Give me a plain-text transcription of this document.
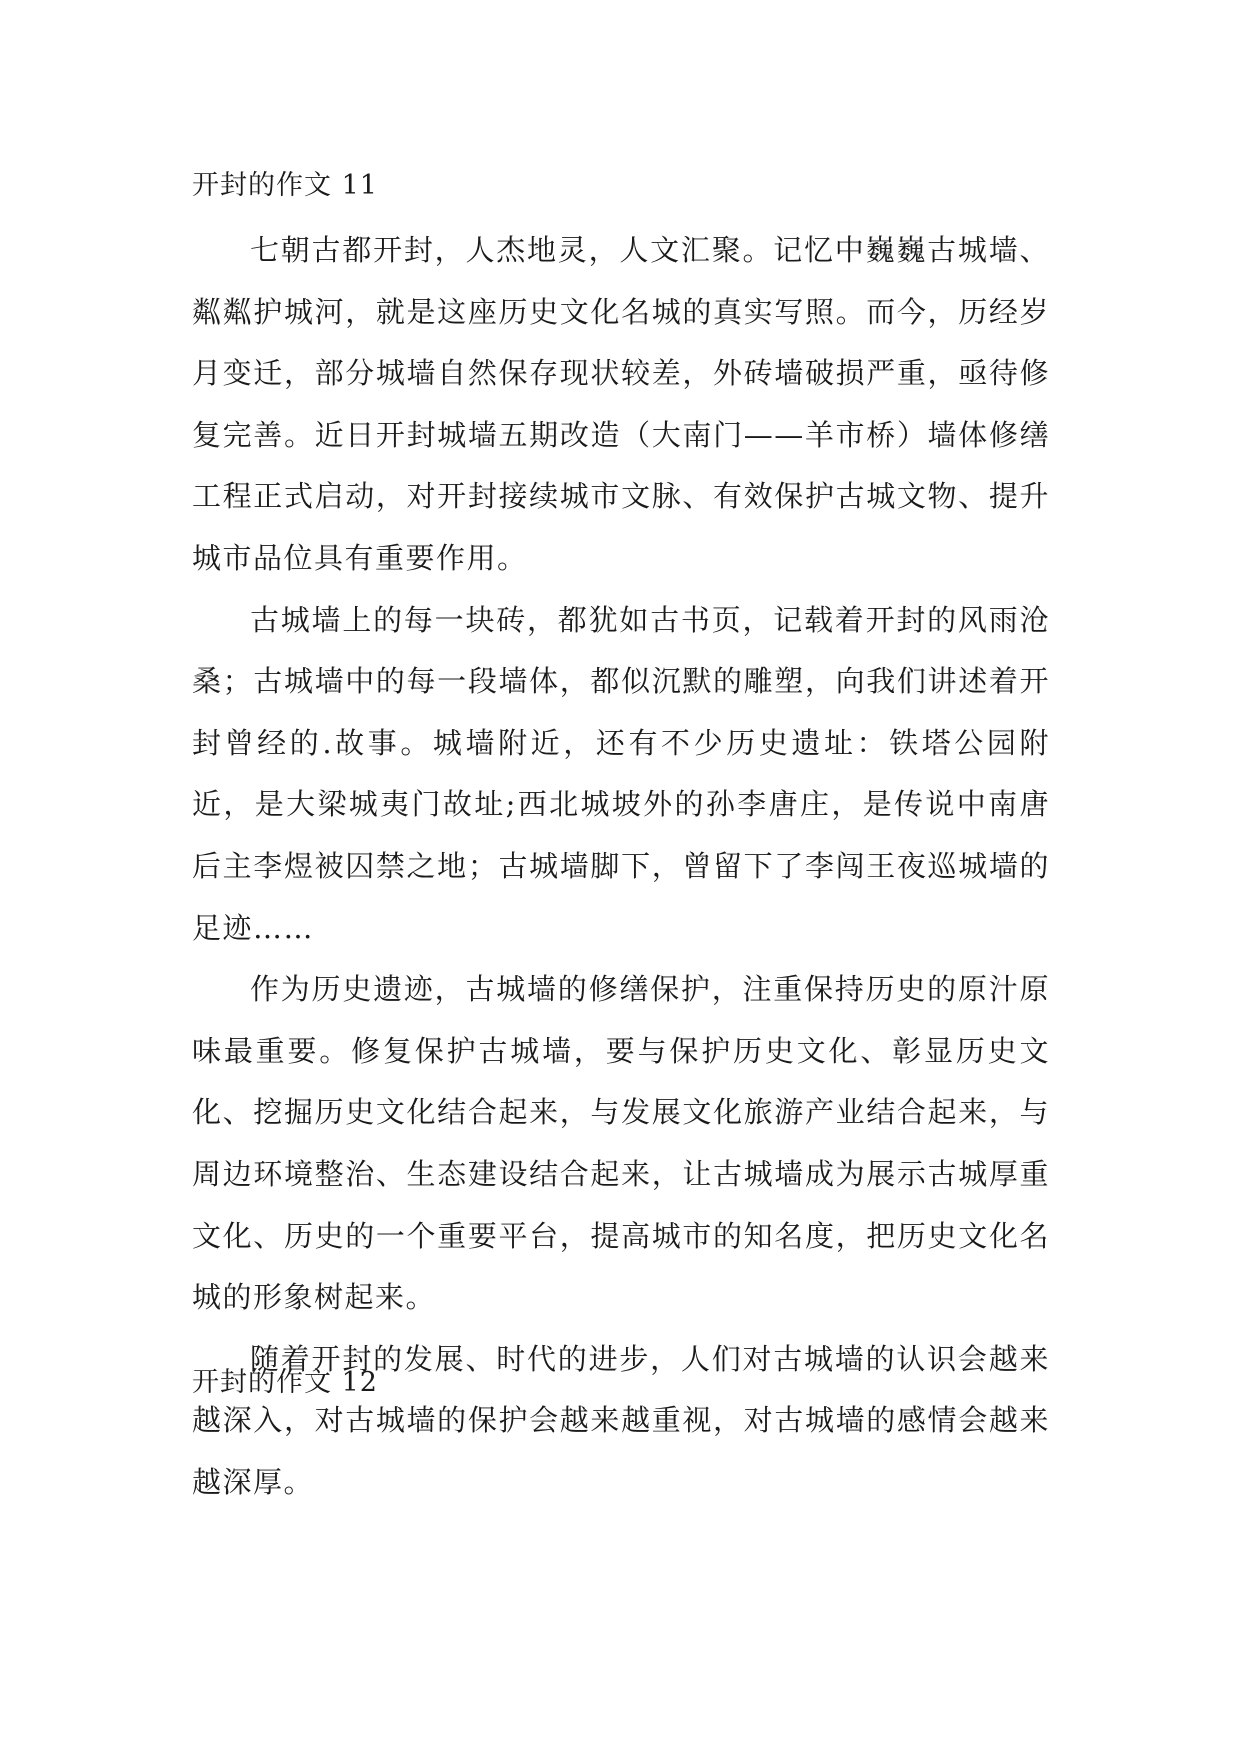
开封的作文 11

七朝古都开封，人杰地灵，人文汇聚。记忆中巍巍古城墙、粼粼护城河，就是这座历史文化名城的真实写照。而今，历经岁月变迁，部分城墙自然保存现状较差，外砖墙破损严重，亟待修复完善。近日开封城墙五期改造（大南门——羊市桥）墙体修缮工程正式启动，对开封接续城市文脉、有效保护古城文物、提升城市品位具有重要作用。

古城墙上的每一块砖，都犹如古书页，记载着开封的风雨沧桑；古城墙中的每一段墙体，都似沉默的雕塑，向我们讲述着开封曾经的.故事。城墙附近，还有不少历史遗址：铁塔公园附近，是大梁城夷门故址;西北城坡外的孙李唐庄，是传说中南唐后主李煜被囚禁之地；古城墙脚下，曾留下了李闯王夜巡城墙的足迹……

作为历史遗迹，古城墙的修缮保护，注重保持历史的原汁原味最重要。修复保护古城墙，要与保护历史文化、彰显历史文化、挖掘历史文化结合起来，与发展文化旅游产业结合起来，与周边环境整治、生态建设结合起来，让古城墙成为展示古城厚重文化、历史的一个重要平台，提高城市的知名度，把历史文化名城的形象树起来。

随着开封的发展、时代的进步，人们对古城墙的认识会越来越深入，对古城墙的保护会越来越重视，对古城墙的感情会越来越深厚。

开封的作文 12
